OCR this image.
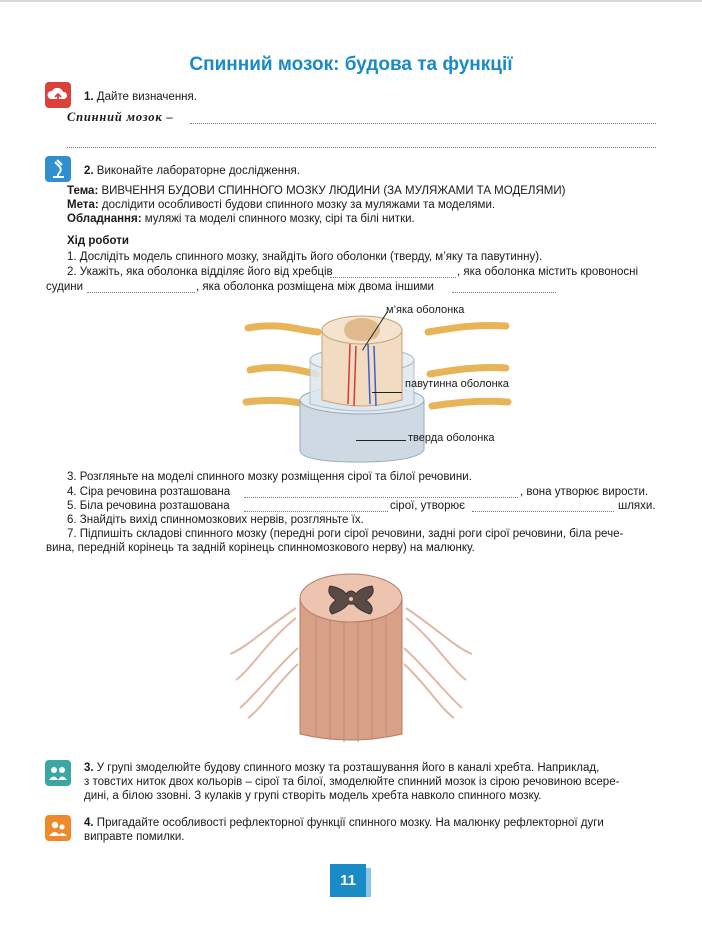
Спинний мозок: будова та функції
1. Дайте визначення.
Спинний мозок –
2. Виконайте лабораторне дослідження.
Тема: ВИВЧЕННЯ БУДОВИ СПИННОГО МОЗКУ ЛЮДИНИ (ЗА МУЛЯЖАМИ ТА МОДЕЛЯМИ)
Мета: дослідити особливості будови спинного мозку за муляжами та моделями.
Обладнання: муляжі та моделі спинного мозку, сірі та білі нитки.
Хід роботи
1. Дослідіть модель спинного мозку, знайдіть його оболонки (тверду, м’яку та павутинну).
2. Укажіть, яка оболонка відділяє його від хребців	, яка оболонка містить кровоносні
судини	, яка оболонка розміщена між двома іншими
м’яка оболонка
павутинна оболонка
тверда оболонка
3. Розгляньте на моделі спинного мозку розміщення сірої та білої речовини.
4. Сіра речовина розташована	, вона утворює вирости.
5. Біла речовина розташована	сірої, утворює	шляхи.
6. Знайдіть вихід спинномозкових нервів, розгляньте їх.
7. Підпишіть складові спинного мозку (передні роги сірої речовини, задні роги сірої речовини, біла рече-
вина, передній корінець та задній корінець спинномозкового нерву) на малюнку.
3. У групі змоделюйте будову спинного мозку та розташування його в каналі хребта. Наприклад,
з товстих ниток двох кольорів – сірої та білої, змоделюйте спинний мозок із сірою речовиною всере-
дині, а білою ззовні. З кулаків у групі створіть модель хребта навколо спинного мозку.
4. Пригадайте особливості рефлекторної функції спинного мозку. На малюнку рефлекторної дуги
виправте помилки.
11
